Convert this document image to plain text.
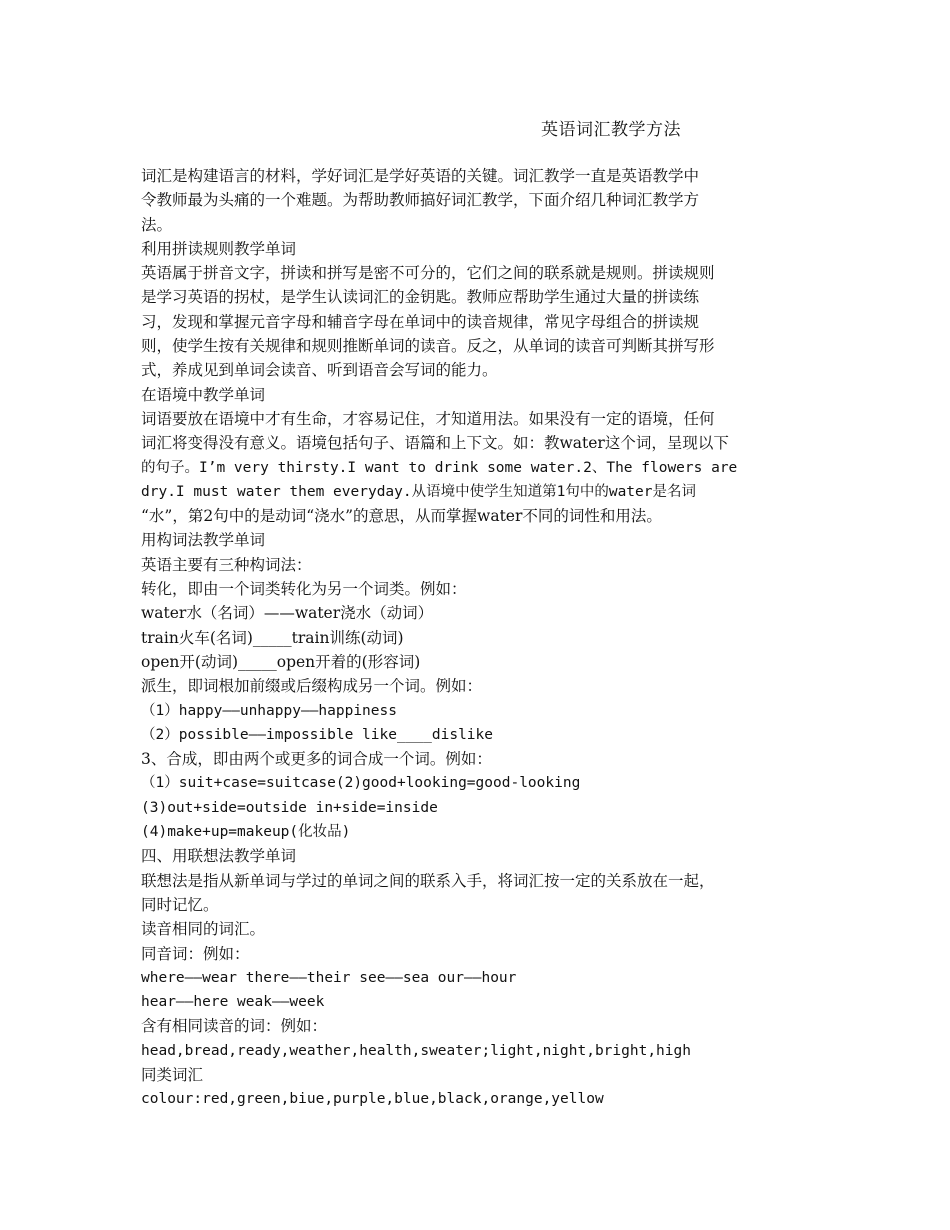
英语词汇教学方法
词汇是构建语言的材料，学好词汇是学好英语的关键。词汇教学一直是英语教学中
令教师最为头痛的一个难题。为帮助教师搞好词汇教学，下面介绍几种词汇教学方
法。
利用拼读规则教学单词
英语属于拼音文字，拼读和拼写是密不可分的，它们之间的联系就是规则。拼读规则
是学习英语的拐杖，是学生认读词汇的金钥匙。教师应帮助学生通过大量的拼读练
习，发现和掌握元音字母和辅音字母在单词中的读音规律，常见字母组合的拼读规
则，使学生按有关规律和规则推断单词的读音。反之，从单词的读音可判断其拼写形
式，养成见到单词会读音、听到语音会写词的能力。
在语境中教学单词
词语要放在语境中才有生命，才容易记住，才知道用法。如果没有一定的语境，任何
词汇将变得没有意义。语境包括句子、语篇和上下文。如：教water这个词，呈现以下
的句子。I’m very thirsty.I want to drink some water.2、The flowers are
dry.I must water them everyday.从语境中使学生知道第1句中的water是名词
“水”，第2句中的是动词“浇水”的意思，从而掌握water不同的词性和用法。
用构词法教学单词
英语主要有三种构词法：
转化，即由一个词类转化为另一个词类。例如：
water水（名词）——water浇水（动词）
train火车(名词)_____train训练(动词)
open开(动词)_____open开着的(形容词)
派生，即词根加前缀或后缀构成另一个词。例如：
（1）happy——unhappy——happiness
（2）possible——impossible like____dislike
3、合成，即由两个或更多的词合成一个词。例如：
（1）suit+case=suitcase(2)good+looking=good-looking
(3)out+side=outside in+side=inside
(4)make+up=makeup(化妆品)
四、用联想法教学单词
联想法是指从新单词与学过的单词之间的联系入手，将词汇按一定的关系放在一起，
同时记忆。
读音相同的词汇。
同音词：例如：
where——wear there——their see——sea our——hour
hear——here weak——week
含有相同读音的词：例如：
head,bread,ready,weather,health,sweater;light,night,bright,high
同类词汇
colour:red,green,biue,purple,blue,black,orange,yellow
